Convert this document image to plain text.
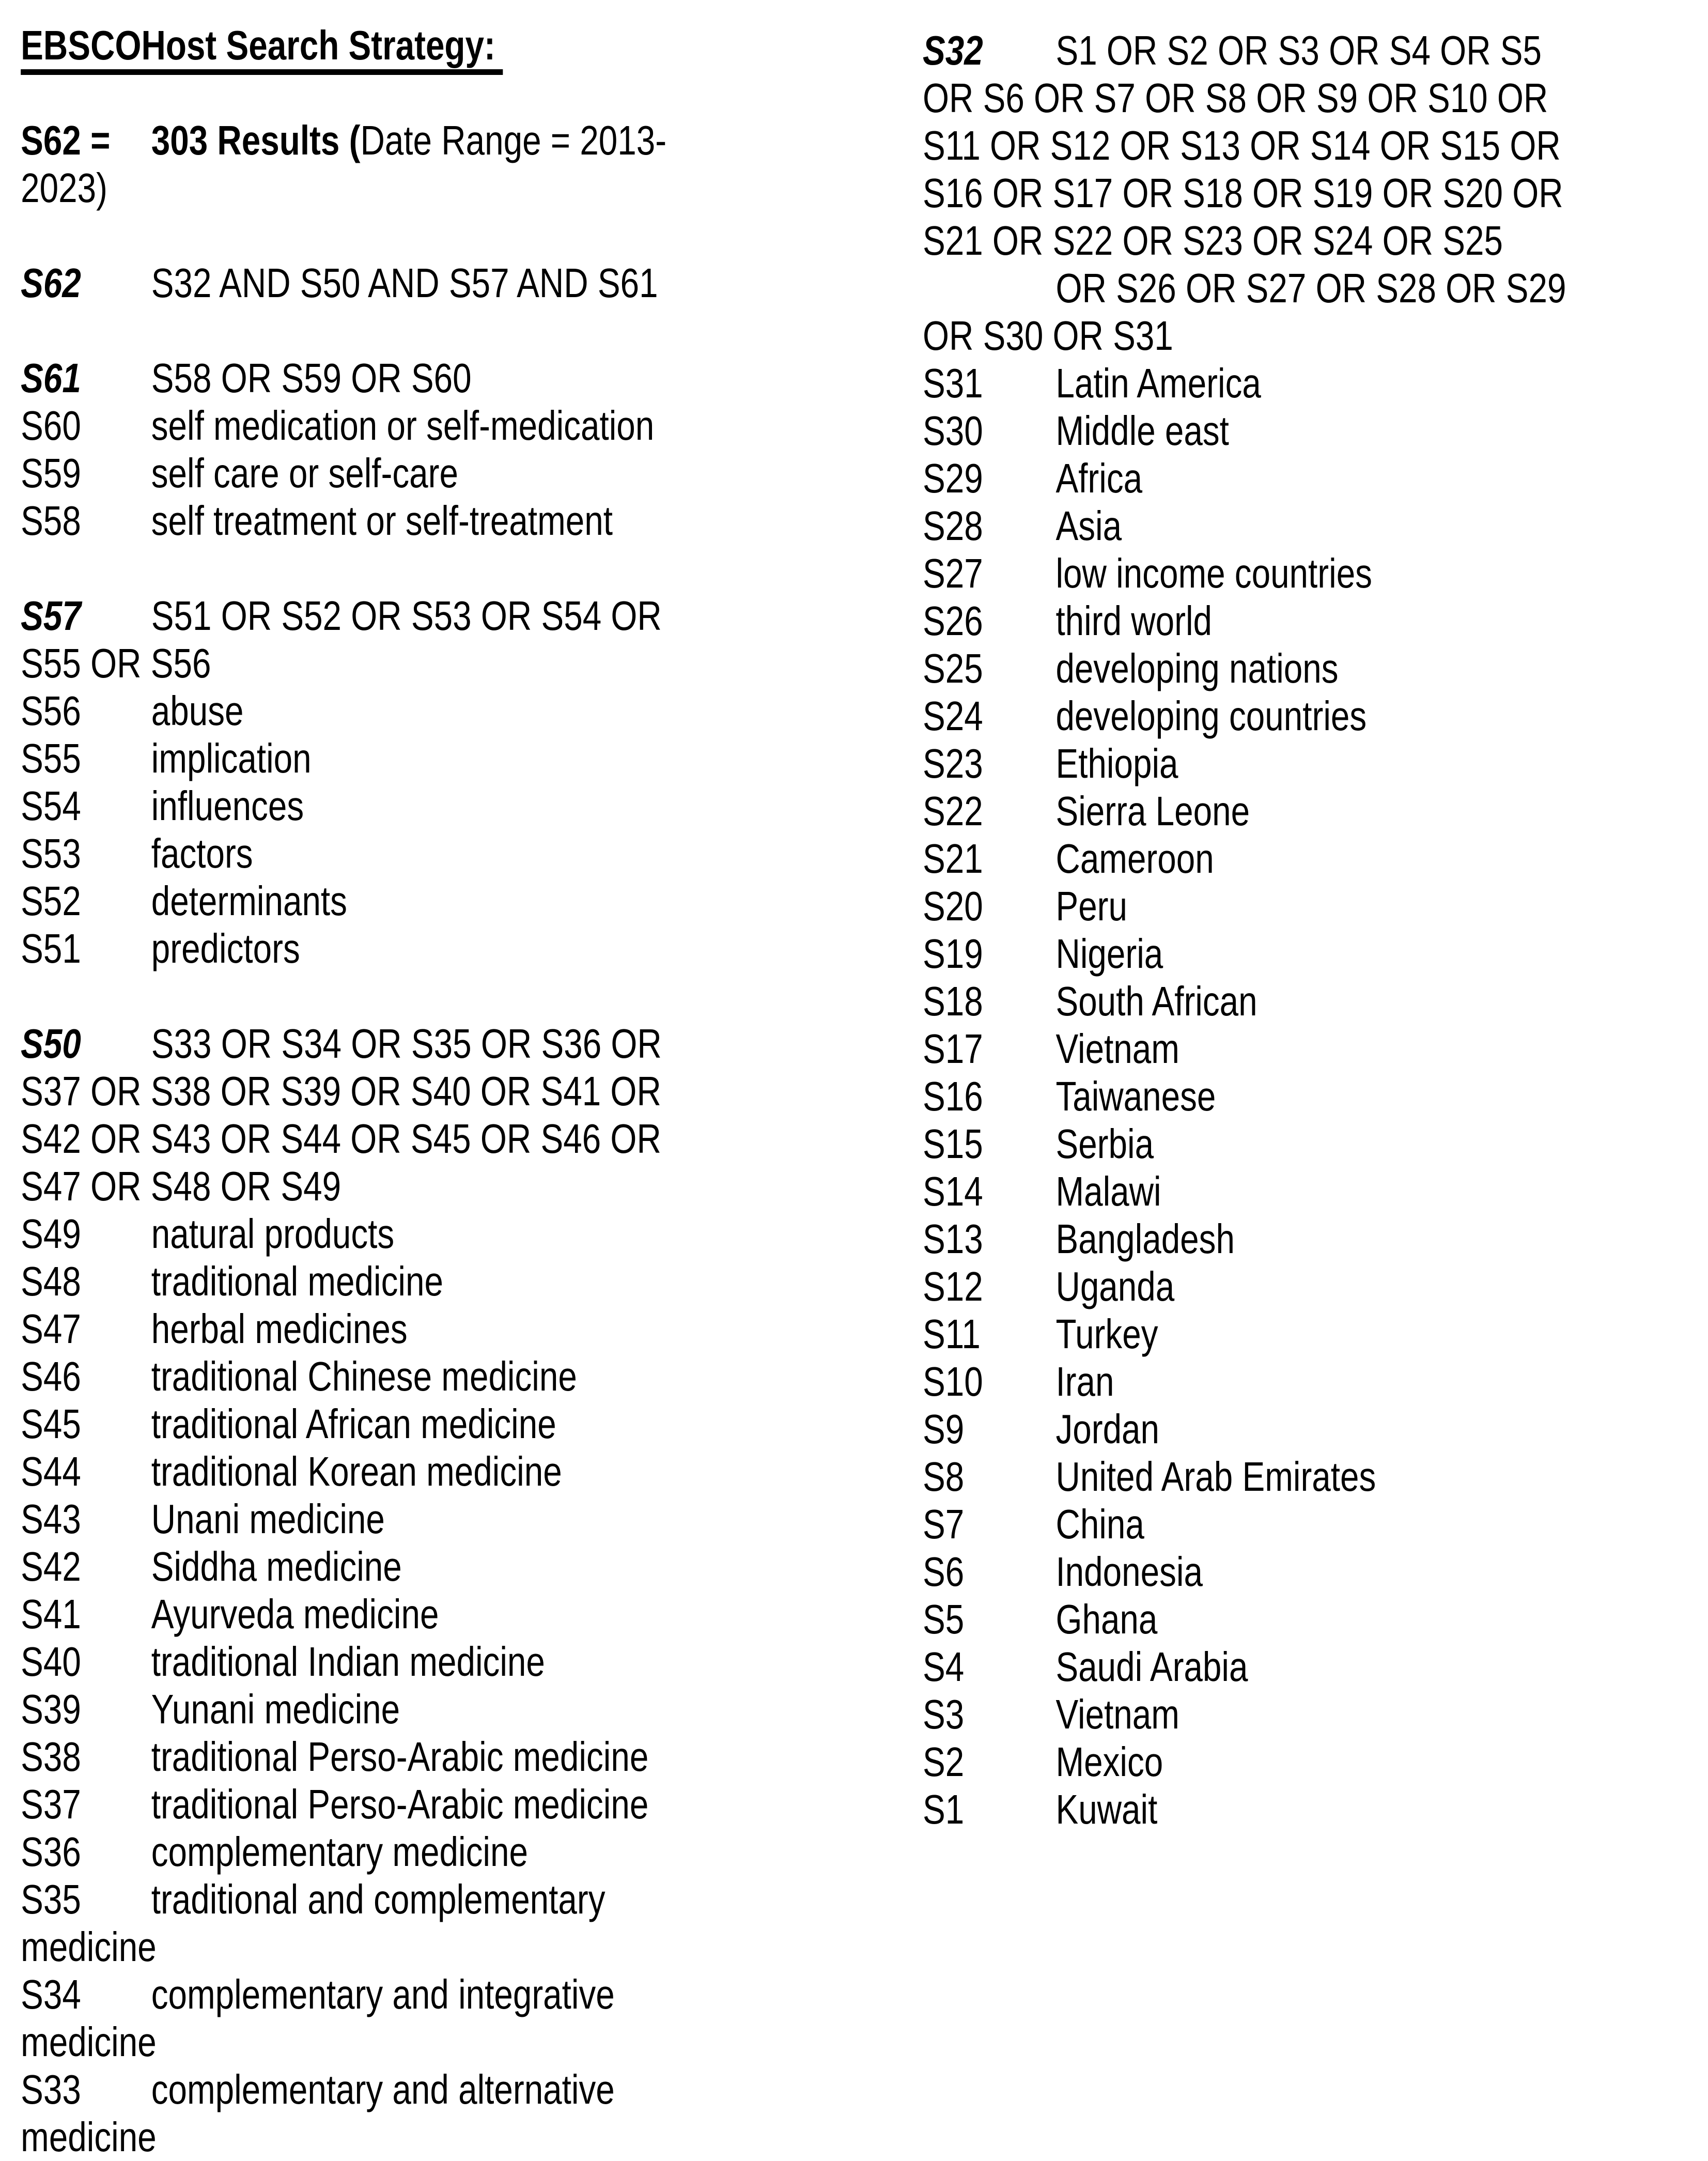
EBSCOHost Search Strategy:
S62 = 303 Results (Date Range = 2013-
2023)
S62 S32 AND S50 AND S57 AND S61
S61 S58 OR S59 OR S60
S60 self medication or self-medication
S59 self care or self-care
S58 self treatment or self-treatment
S57 S51 OR S52 OR S53 OR S54 OR
S55 OR S56
S56 abuse
S55 implication
S54 influences
S53 factors
S52 determinants
S51 predictors
S50 S33 OR S34 OR S35 OR S36 OR
S37 OR S38 OR S39 OR S40 OR S41 OR
S42 OR S43 OR S44 OR S45 OR S46 OR
S47 OR S48 OR S49
S49 natural products
S48 traditional medicine
S47 herbal medicines
S46 traditional Chinese medicine
S45 traditional African medicine
S44 traditional Korean medicine
S43 Unani medicine
S42 Siddha medicine
S41 Ayurveda medicine
S40 traditional Indian medicine
S39 Yunani medicine
S38 traditional Perso-Arabic medicine
S37 traditional Perso-Arabic medicine
S36 complementary medicine
S35 traditional and complementary
medicine
S34 complementary and integrative
medicine
S33 complementary and alternative
medicine
S32 S1 OR S2 OR S3 OR S4 OR S5
OR S6 OR S7 OR S8 OR S9 OR S10 OR
S11 OR S12 OR S13 OR S14 OR S15 OR
S16 OR S17 OR S18 OR S19 OR S20 OR
S21 OR S22 OR S23 OR S24 OR S25
OR S26 OR S27 OR S28 OR S29
OR S30 OR S31
S31 Latin America
S30 Middle east
S29 Africa
S28 Asia
S27 low income countries
S26 third world
S25 developing nations
S24 developing countries
S23 Ethiopia
S22 Sierra Leone
S21 Cameroon
S20 Peru
S19 Nigeria
S18 South African
S17 Vietnam
S16 Taiwanese
S15 Serbia
S14 Malawi
S13 Bangladesh
S12 Uganda
S11 Turkey
S10 Iran
S9 Jordan
S8 United Arab Emirates
S7 China
S6 Indonesia
S5 Ghana
S4 Saudi Arabia
S3 Vietnam
S2 Mexico
S1 Kuwait
